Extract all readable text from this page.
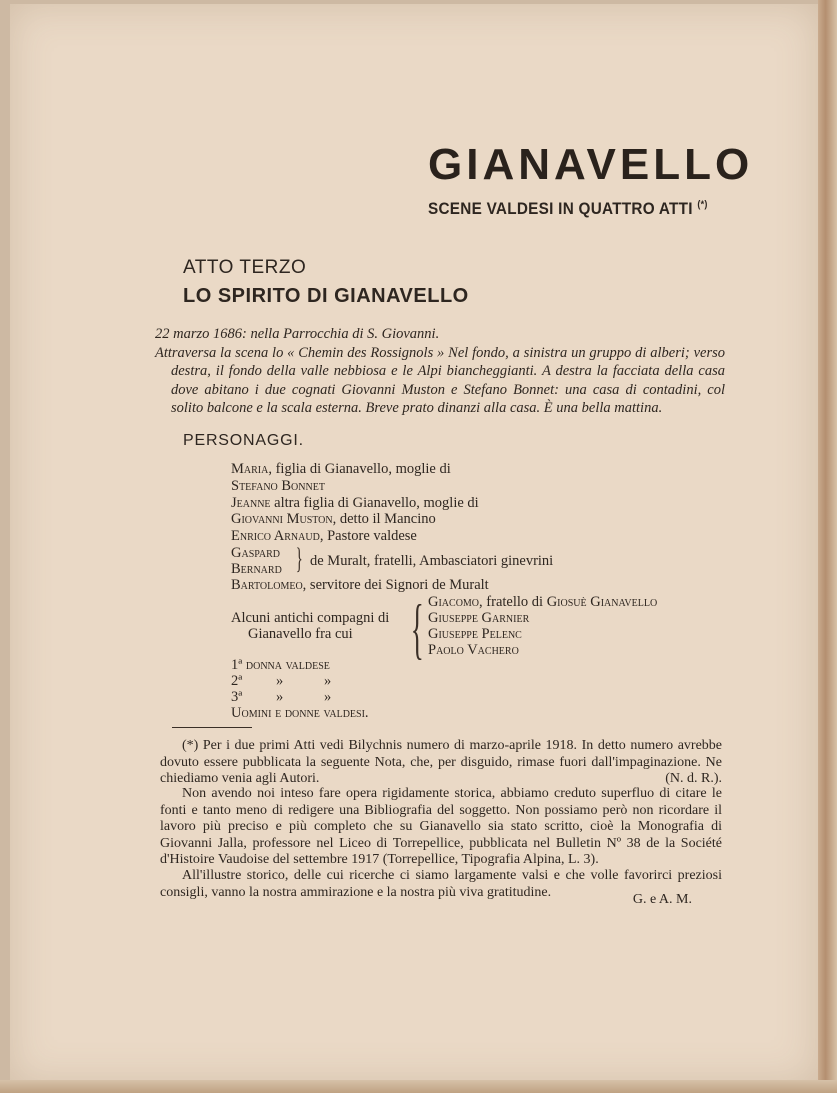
GIANAVELLO
SCENE VALDESI IN QUATTRO ATTI (*)
ATTO TERZO
LO SPIRITO DI GIANAVELLO

22 marzo 1686: nella Parrocchia di S. Giovanni.

Attraversa la scena lo « Chemin des Rossignols » Nel fondo, a sinistra un gruppo di alberi; verso destra, il fondo della valle nebbiosa e le Alpi biancheggianti. A destra la facciata della casa dove abitano i due cognati Giovanni Muston e Stefano Bonnet: una casa di contadini, col solito balcone e la scala esterna. Breve prato dinanzi alla casa. È una bella mattina.

PERSONAGGI.
Maria, figlia di Gianavello, moglie di
Stefano Bonnet
Jeanne altra figlia di Gianavello, moglie di
Giovanni Muston, detto il Mancino
Enrico Arnaud, Pastore valdese
Gaspard
Bernard } de Muralt, fratelli, Ambasciatori ginevrini
Bartolomeo, servitore dei Signori de Muralt
Alcuni antichi compagni di
Gianavello fra cui { Giacomo, fratello di Giosuè Gianavello
Giuseppe Garnier
Giuseppe Pelenc
Paolo Vachero
1ª donna valdese
2ª »	»
3ª »	»
Uomini e donne valdesi.

(*) Per i due primi Atti vedi Bilychnis numero di marzo-aprile 1918. In detto numero avrebbe dovuto essere pubblicata la seguente Nota, che, per disguido, rimase fuori dall'impaginazione. Ne chiediamo venia agli Autori.	(N. d. R.).

Non avendo noi inteso fare opera rigidamente storica, abbiamo creduto superfluo di citare le fonti e tanto meno di redigere una Bibliografia del soggetto. Non possiamo però non ricordare il lavoro più preciso e più completo che su Gianavello sia stato scritto, cioè la Monografia di Giovanni Jalla, professore nel Liceo di Torrepellice, pubblicata nel Bulletin Nº 38 de la Société d'Histoire Vaudoise del settembre 1917 (Torrepellice, Tipografia Alpina, L. 3).

All'illustre storico, delle cui ricerche ci siamo largamente valsi e che volle favorirci preziosi consigli, vanno la nostra ammirazione e la nostra più viva gratitudine.	G. e A. M.
